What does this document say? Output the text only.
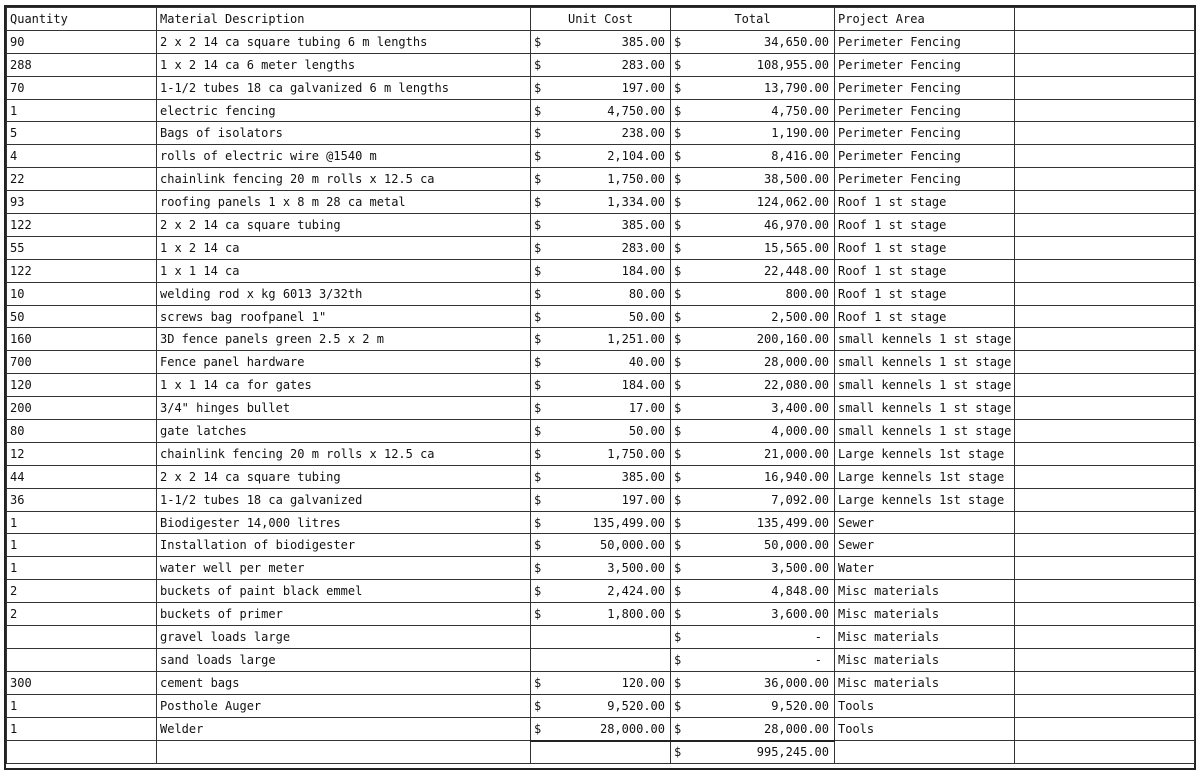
Quantity	Material Description	Unit Cost		Total		Project Area	
90	2 x 2 14 ca square tubing 6 m lengths	$	385.00	$	34,650.00	Perimeter Fencing	
288	1 x 2 14 ca 6 meter lengths	$	283.00	$	108,955.00	Perimeter Fencing	
70	1-1/2 tubes 18 ca galvanized 6 m lengths	$	197.00	$	13,790.00	Perimeter Fencing	
1	electric fencing	$	4,750.00	$	4,750.00	Perimeter Fencing	
5	Bags of isolators	$	238.00	$	1,190.00	Perimeter Fencing	
4	rolls of electric wire @1540 m	$	2,104.00	$	8,416.00	Perimeter Fencing	
22	chainlink fencing 20 m rolls x 12.5 ca	$	1,750.00	$	38,500.00	Perimeter Fencing	
93	roofing panels 1 x 8 m 28 ca metal	$	1,334.00	$	124,062.00	Roof 1 st stage	
122	2 x 2 14 ca square tubing	$	385.00	$	46,970.00	Roof 1 st stage	
55	1 x 2 14 ca	$	283.00	$	15,565.00	Roof 1 st stage	
122	1 x 1 14 ca	$	184.00	$	22,448.00	Roof 1 st stage	
10	welding rod x kg 6013 3/32th	$	80.00	$	800.00	Roof 1 st stage	
50	screws bag roofpanel 1"	$	50.00	$	2,500.00	Roof 1 st stage	
160	3D fence panels green 2.5 x 2 m	$	1,251.00	$	200,160.00	small kennels 1 st stage	
700	Fence panel hardware	$	40.00	$	28,000.00	small kennels 1 st stage	
120	1 x 1 14 ca for gates	$	184.00	$	22,080.00	small kennels 1 st stage	
200	3/4" hinges bullet	$	17.00	$	3,400.00	small kennels 1 st stage	
80	gate latches	$	50.00	$	4,000.00	small kennels 1 st stage	
12	chainlink fencing 20 m rolls x 12.5 ca	$	1,750.00	$	21,000.00	Large kennels 1st stage	
44	2 x 2 14 ca square tubing	$	385.00	$	16,940.00	Large kennels 1st stage	
36	1-1/2 tubes 18 ca galvanized	$	197.00	$	7,092.00	Large kennels 1st stage	
1	Biodigester 14,000 litres	$	135,499.00	$	135,499.00	Sewer	
1	Installation of biodigester	$	50,000.00	$	50,000.00	Sewer	
1	water well per meter	$	3,500.00	$	3,500.00	Water	
2	buckets of paint black emmel	$	2,424.00	$	4,848.00	Misc materials	
2	buckets of primer	$	1,800.00	$	3,600.00	Misc materials	
	gravel loads large			$	-	Misc materials	
	sand loads large			$	-	Misc materials	
300	cement bags	$	120.00	$	36,000.00	Misc materials	
1	Posthole Auger	$	9,520.00	$	9,520.00	Tools	
1	Welder	$	28,000.00	$	28,000.00	Tools	
				$	995,245.00		
